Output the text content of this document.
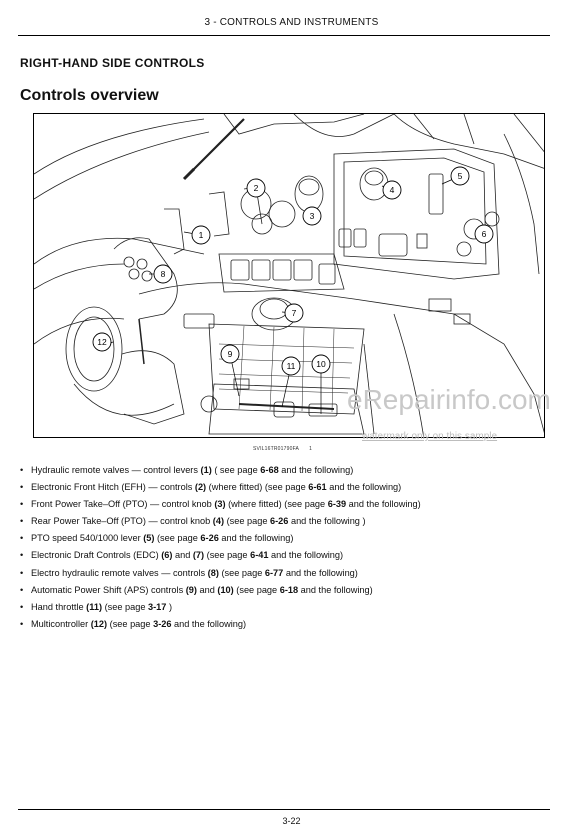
3 - CONTROLS AND INSTRUMENTS
RIGHT-HAND SIDE CONTROLS
Controls overview
1
2
3
4
5
6
7
8
9
10
11
12
eRepairinfo.com
watermark only on this sample
SVIL16TR01790FA 1
• Hydraulic remote valves — control levers (1) ( see page 6-68 and the following)
• Electronic Front Hitch (EFH) — controls (2) (where fitted) (see page 6-61 and the following)
• Front Power Take–Off (PTO) — control knob (3) (where fitted) (see page 6-39 and the following)
• Rear Power Take–Off (PTO) — control knob (4) (see page 6-26 and the following )
• PTO speed 540/1000 lever (5) (see page 6-26 and the following)
• Electronic Draft Controls (EDC) (6) and (7) (see page 6-41 and the following)
• Electro hydraulic remote valves — controls (8) (see page 6-77 and the following)
• Automatic Power Shift (APS) controls (9) and (10) (see page 6-18 and the following)
• Hand throttle (11) (see page 3-17 )
• Multicontroller (12) (see page 3-26 and the following)
3-22
